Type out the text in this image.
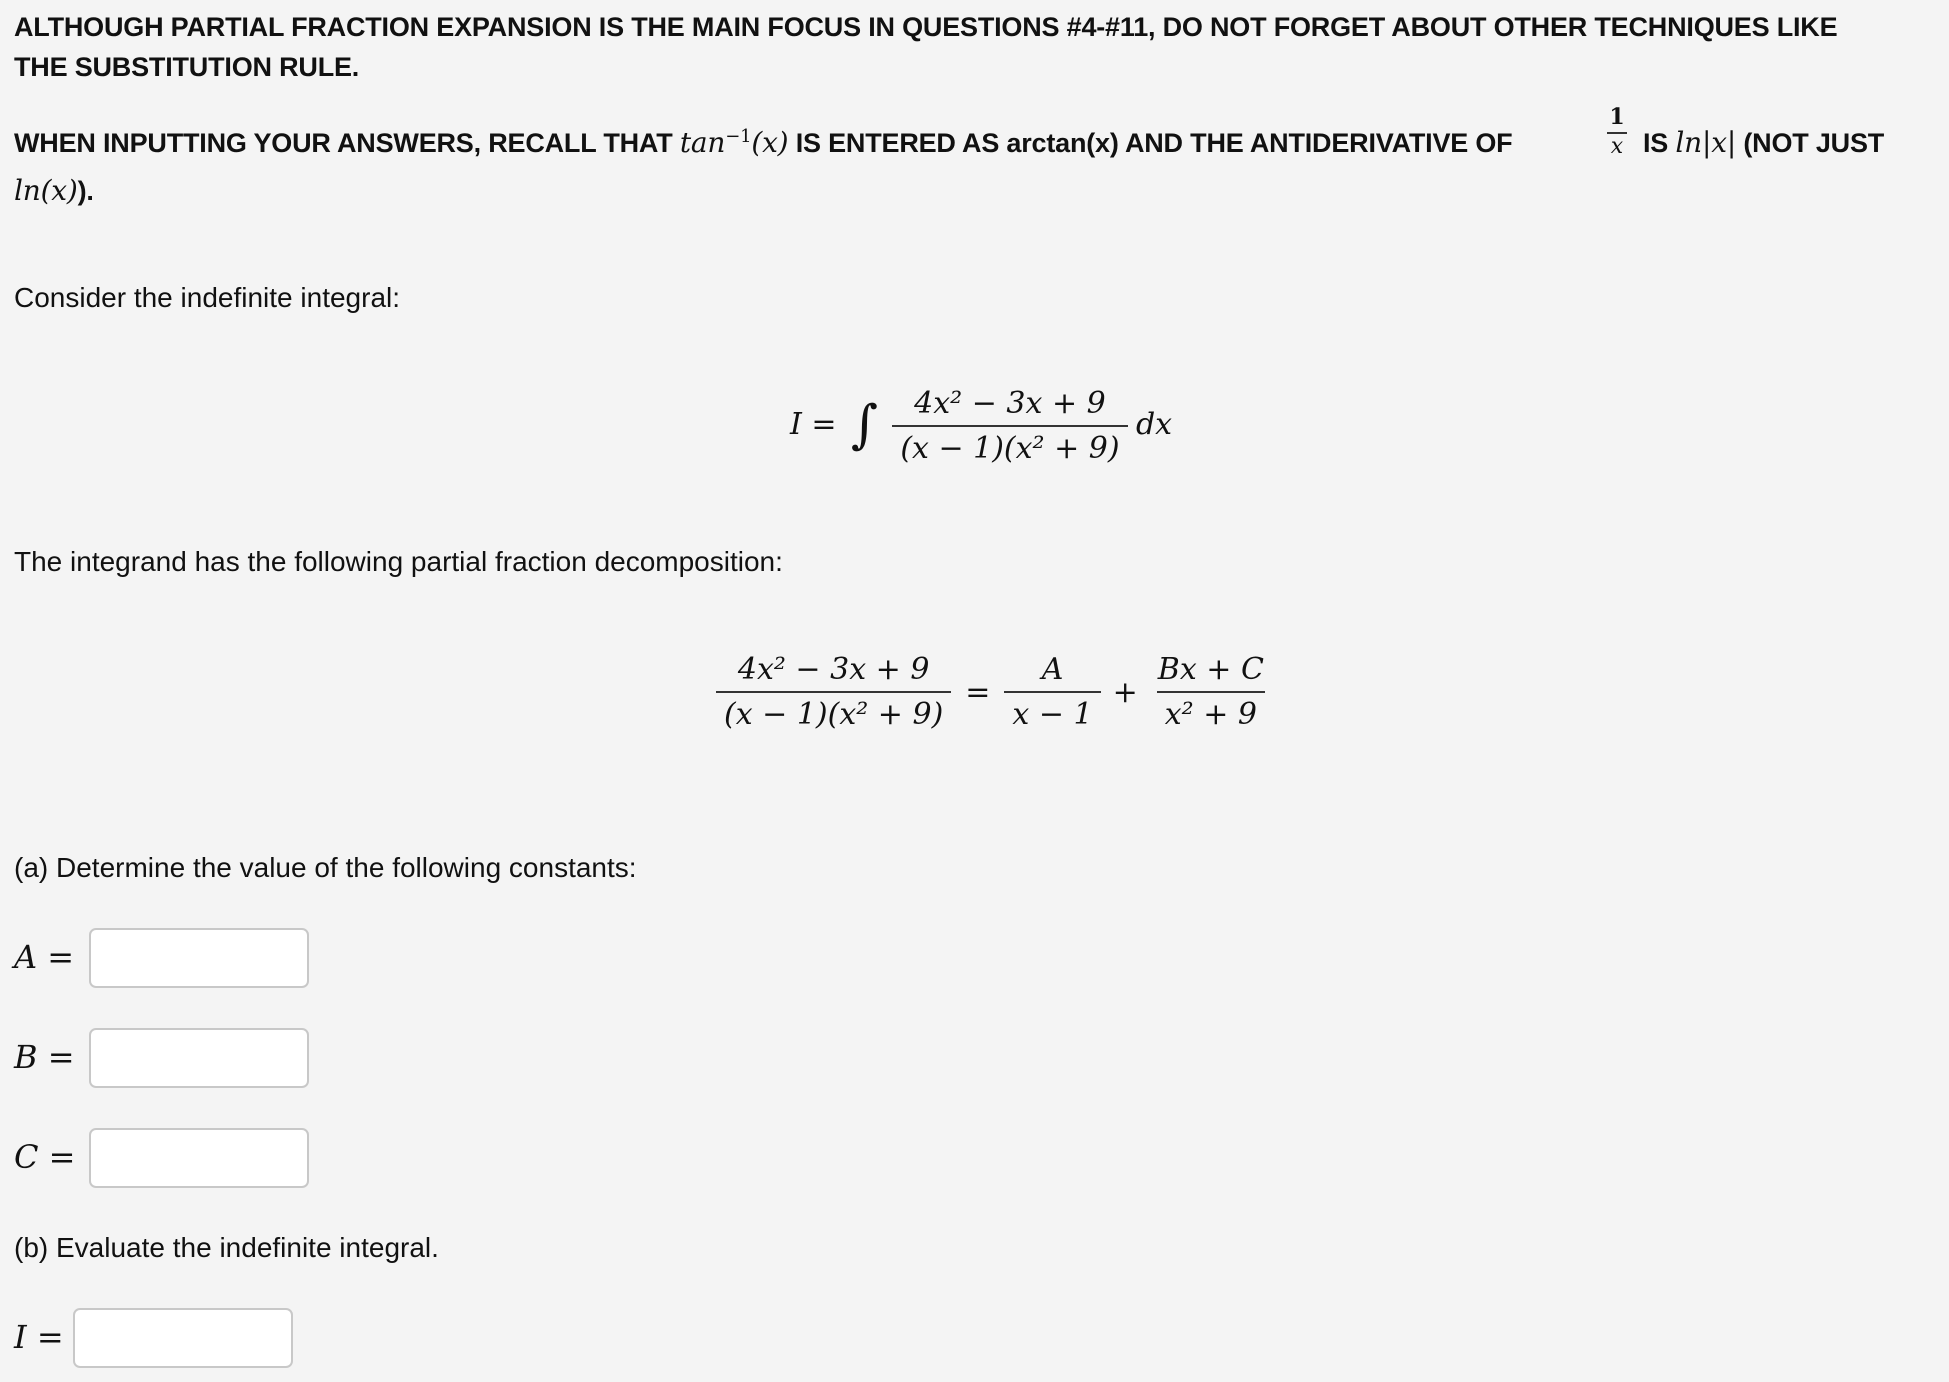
ALTHOUGH PARTIAL FRACTION EXPANSION IS THE MAIN FOCUS IN QUESTIONS #4-#11, DO NOT FORGET ABOUT OTHER TECHNIQUES LIKE
THE SUBSTITUTION RULE.
WHEN INPUTTING YOUR ANSWERS, RECALL THAT $\tan^{-1}(x)$ IS ENTERED AS arctan(x) AND THE ANTIDERIVATIVE OF
1
x IS ln|x| (NOT JUST
ln(x)).
Consider the indefinite integral:
I = ∫ $\frac{\text{4x² − 3x + 9}}{\text{(x − 1)(x² + 9)}}$ dx
The integrand has the following partial fraction decomposition:
$\frac{\text{4x² − 3x + 9}}{\text{(x − 1)(x² + 9)}} = \frac{A}{x - 1} + \frac{Bx + C}{\text{x² + 9}}$
(a) Determine the value of the following constants:
A =
B =
C =
(b) Evaluate the indefinite integral.
I =
